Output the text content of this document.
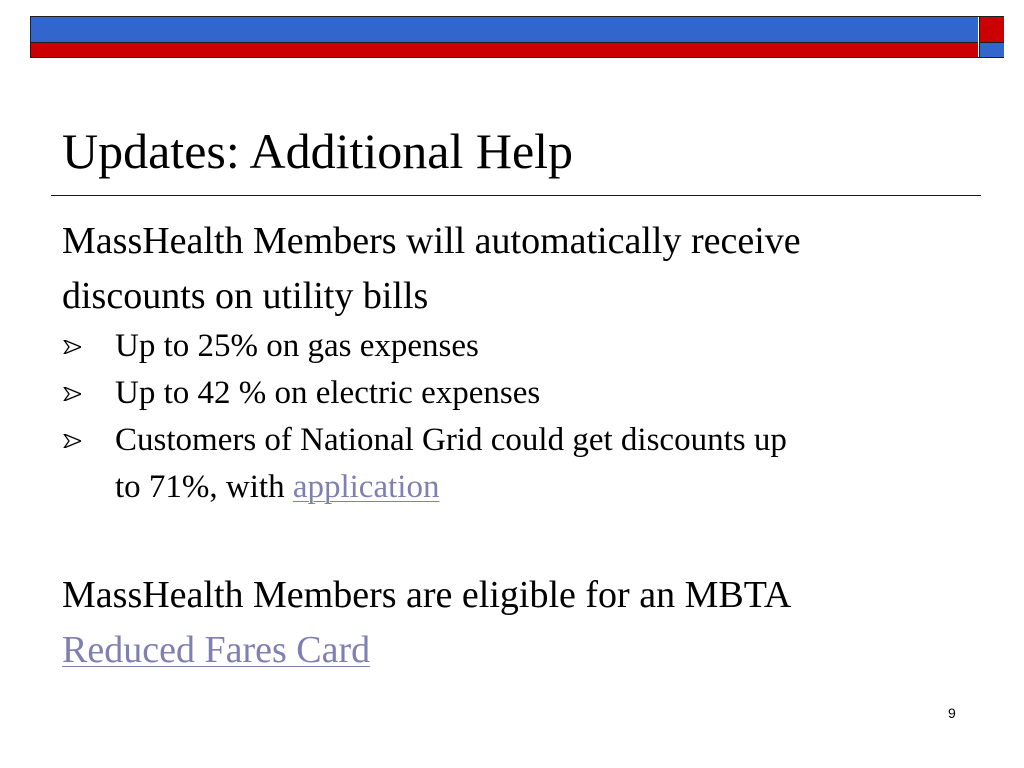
Updates: Additional Help

MassHealth Members will automatically receive
discounts on utility bills

Up to 25% on gas expenses
Up to 42 % on electric expenses
Customers of National Grid could get discounts up
to 71%, with application

MassHealth Members are eligible for an MBTA
Reduced Fares Card

9
